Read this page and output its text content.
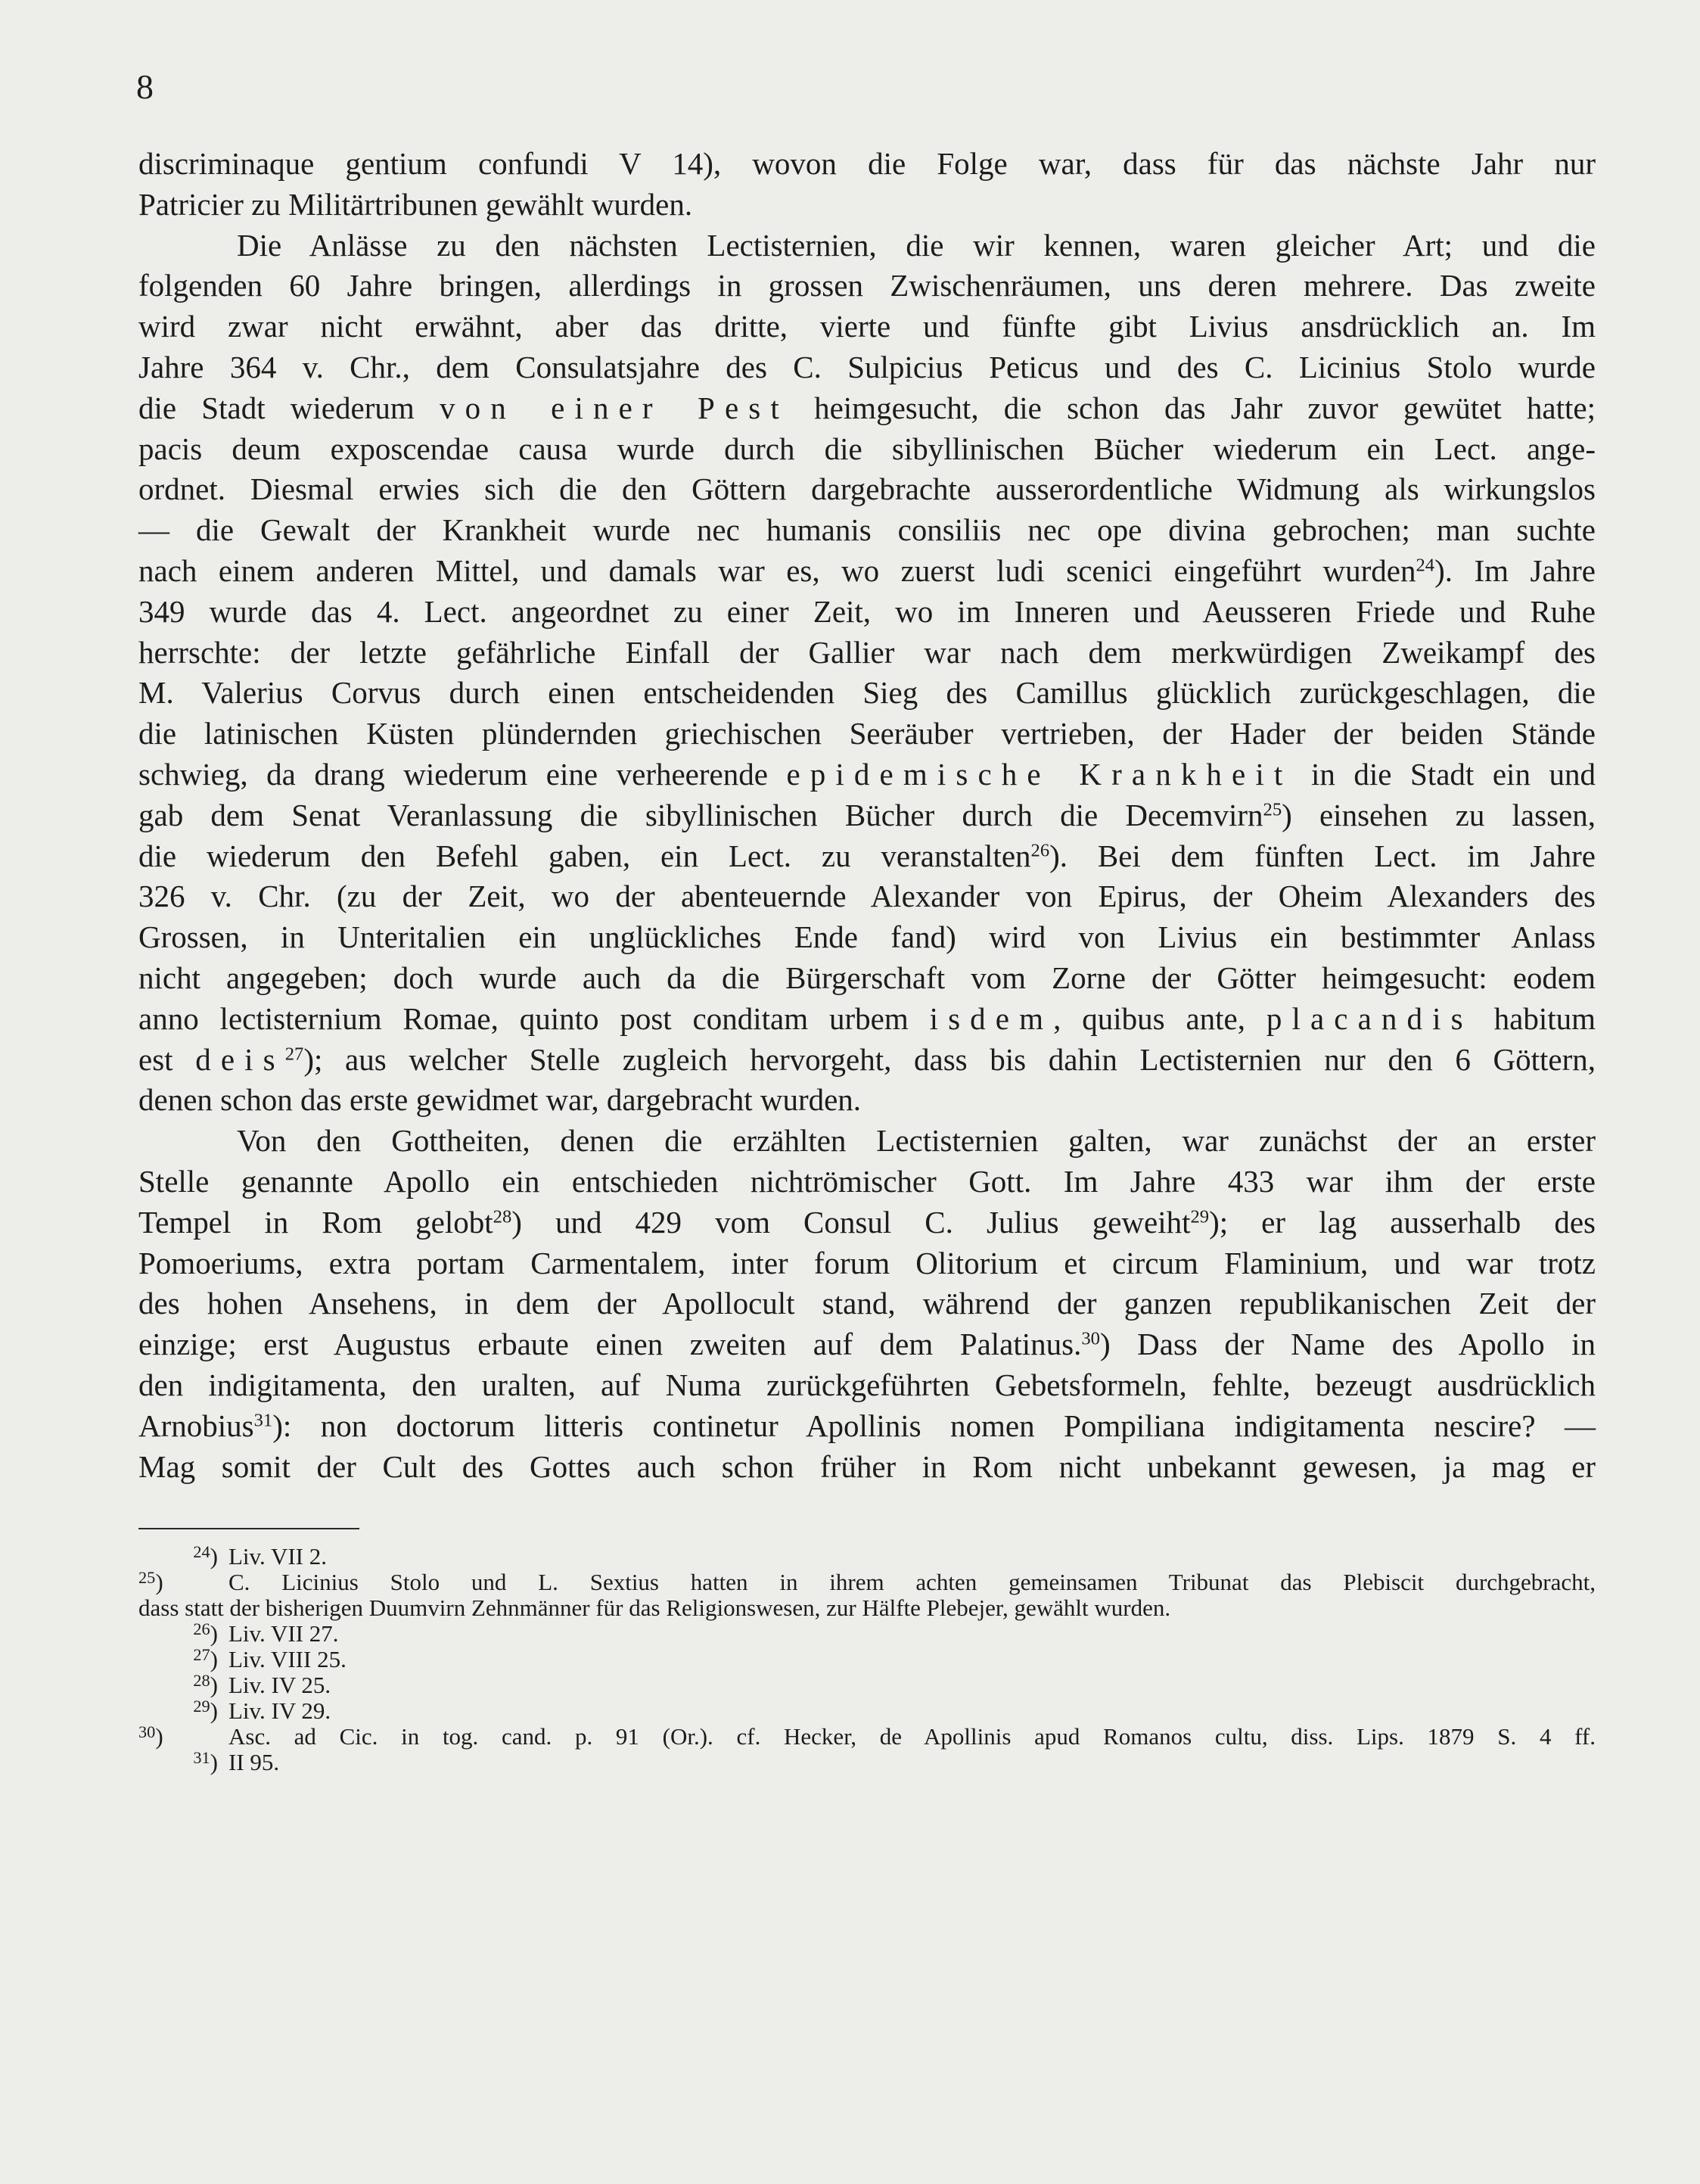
8
discriminaque gentium confundi V 14), wovon die Folge war, dass für das nächste Jahr nur
Patricier zu Militärtribunen gewählt wurden.
Die Anlässe zu den nächsten Lectisternien, die wir kennen, waren gleicher Art; und die
folgenden 60 Jahre bringen, allerdings in grossen Zwischenräumen, uns deren mehrere. Das zweite
wird zwar nicht erwähnt, aber das dritte, vierte und fünfte gibt Livius ansdrücklich an. Im
Jahre 364 v. Chr., dem Consulatsjahre des C. Sulpicius Peticus und des C. Licinius Stolo wurde
die Stadt wiederum von einer Pest heimgesucht, die schon das Jahr zuvor gewütet hatte;
pacis deum exposcendae causa wurde durch die sibyllinischen Bücher wiederum ein Lect. ange-
ordnet. Diesmal erwies sich die den Göttern dargebrachte ausserordentliche Widmung als wirkungslos
— die Gewalt der Krankheit wurde nec humanis consiliis nec ope divina gebrochen; man suchte
nach einem anderen Mittel, und damals war es, wo zuerst ludi scenici eingeführt wurden$^{24}$). Im Jahre
349 wurde das 4. Lect. angeordnet zu einer Zeit, wo im Inneren und Aeusseren Friede und Ruhe
herrschte: der letzte gefährliche Einfall der Gallier war nach dem merkwürdigen Zweikampf des
M. Valerius Corvus durch einen entscheidenden Sieg des Camillus glücklich zurückgeschlagen, die
die latinischen Küsten plündernden griechischen Seeräuber vertrieben, der Hader der beiden Stände
schwieg, da drang wiederum eine verheerende epidemische Krankheit in die Stadt ein und
gab dem Senat Veranlassung die sibyllinischen Bücher durch die Decemvirn$^{25}$) einsehen zu lassen,
die wiederum den Befehl gaben, ein Lect. zu veranstalten$^{26}$). Bei dem fünften Lect. im Jahre
326 v. Chr. (zu der Zeit, wo der abenteuernde Alexander von Epirus, der Oheim Alexanders des
Grossen, in Unteritalien ein unglückliches Ende fand) wird von Livius ein bestimmter Anlass
nicht angegeben; doch wurde auch da die Bürgerschaft vom Zorne der Götter heimgesucht: eodem
anno lectisternium Romae, quinto post conditam urbem isdem, quibus ante, placandis habitum
est deis$^{27}$); aus welcher Stelle zugleich hervorgeht, dass bis dahin Lectisternien nur den 6 Göttern,
denen schon das erste gewidmet war, dargebracht wurden.
Von den Gottheiten, denen die erzählten Lectisternien galten, war zunächst der an erster
Stelle genannte Apollo ein entschieden nichtrömischer Gott. Im Jahre 433 war ihm der erste
Tempel in Rom gelobt$^{28}$) und 429 vom Consul C. Julius geweiht$^{29}$); er lag ausserhalb des
Pomoeriums, extra portam Carmentalem, inter forum Olitorium et circum Flaminium, und war trotz
des hohen Ansehens, in dem der Apollocult stand, während der ganzen republikanischen Zeit der
einzige; erst Augustus erbaute einen zweiten auf dem Palatinus.$^{30}$) Dass der Name des Apollo in
den indigitamenta, den uralten, auf Numa zurückgeführten Gebetsformeln, fehlte, bezeugt ausdrücklich
Arnobius$^{31}$): non doctorum litteris continetur Apollinis nomen Pompiliana indigitamenta nescire? —
Mag somit der Cult des Gottes auch schon früher in Rom nicht unbekannt gewesen, ja mag er
$^{24}$) Liv. VII 2.
$^{25}$)	C. Licinius Stolo und L. Sextius hatten in ihrem achten gemeinsamen Tribunat das Plebiscit durchgebracht,
dass statt der bisherigen Duumvirn Zehnmänner für das Religionswesen, zur Hälfte Plebejer, gewählt wurden.
$^{26}$) Liv. VII 27.
$^{27}$) Liv. VIII 25.
$^{28}$) Liv. IV 25.
$^{29}$) Liv. IV 29.
$^{30}$)	Asc. ad Cic. in tog. cand. p. 91 (Or.). cf. Hecker, de Apollinis apud Romanos cultu, diss. Lips. 1879 S. 4 ff.
$^{31}$) II 95.
